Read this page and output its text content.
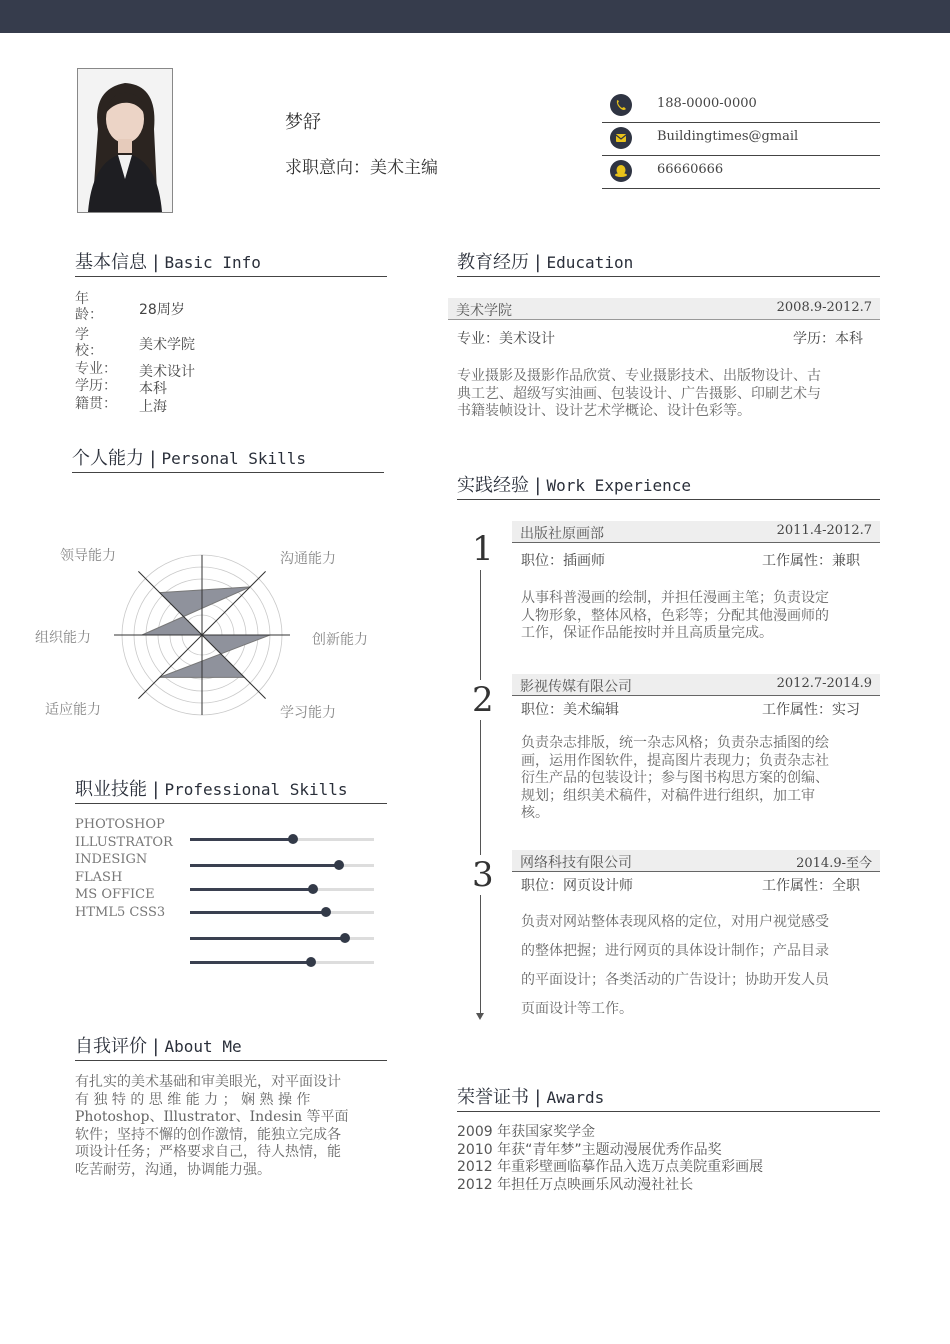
梦舒
求职意向：美术主编
188-0000-0000
Buildingtimes@gmail
66660666
基本信息 | Basic Info
年龄：	28周岁
学校：	美术学院
专业： 美术设计
学历： 本科
籍贯： 上海
个人能力 | Personal Skills
领导能力	沟通能力
组织能力	创新能力
适应能力	学习能力
职业技能 | Professional Skills
PHOTOSHOP
ILLUSTRATOR
INDESIGN
FLASH
MS OFFICE
HTML5 CSS3
自我评价 | About Me
有扎实的美术基础和审美眼光，对平面设计
有 独 特 的 思 维 能 力 ； 娴 熟 操 作
Photoshop、Illustrator、Indesin 等平面
软件；坚持不懈的创作激情，能独立完成各
项设计任务；严格要求自己，待人热情，能
吃苦耐劳，沟通，协调能力强。
教育经历 | Education
美术学院	2008.9-2012.7
专业：美术设计	学历：本科
专业摄影及摄影作品欣赏、专业摄影技术、出版物设计、古
典工艺、超级写实油画、包装设计、广告摄影、印刷艺术与
书籍装帧设计、设计艺术学概论、设计色彩等。
实践经验 | Work Experience
1 出版社原画部	2011.4-2012.7
职位：插画师	工作属性：兼职
从事科普漫画的绘制，并担任漫画主笔；负责设定
人物形象，整体风格，色彩等；分配其他漫画师的
工作，保证作品能按时并且高质量完成。
2 影视传媒有限公司	2012.7-2014.9
职位：美术编辑	工作属性：实习
负责杂志排版，统一杂志风格；负责杂志插图的绘
画，运用作图软件，提高图片表现力；负责杂志社
衍生产品的包装设计；参与图书构思方案的创编、
规划；组织美术稿件，对稿件进行组织，加工审
核。
3 网络科技有限公司	2014.9-至今
职位：网页设计师	工作属性：全职
负责对网站整体表现风格的定位，对用户视觉感受
的整体把握；进行网页的具体设计制作；产品目录
的平面设计；各类活动的广告设计；协助开发人员
页面设计等工作。
荣誉证书 | Awards
2009 年获国家奖学金
2010 年获“青年梦”主题动漫展优秀作品奖
2012 年重彩壁画临摹作品入选万点美院重彩画展
2012 年担任万点映画乐风动漫社社长
